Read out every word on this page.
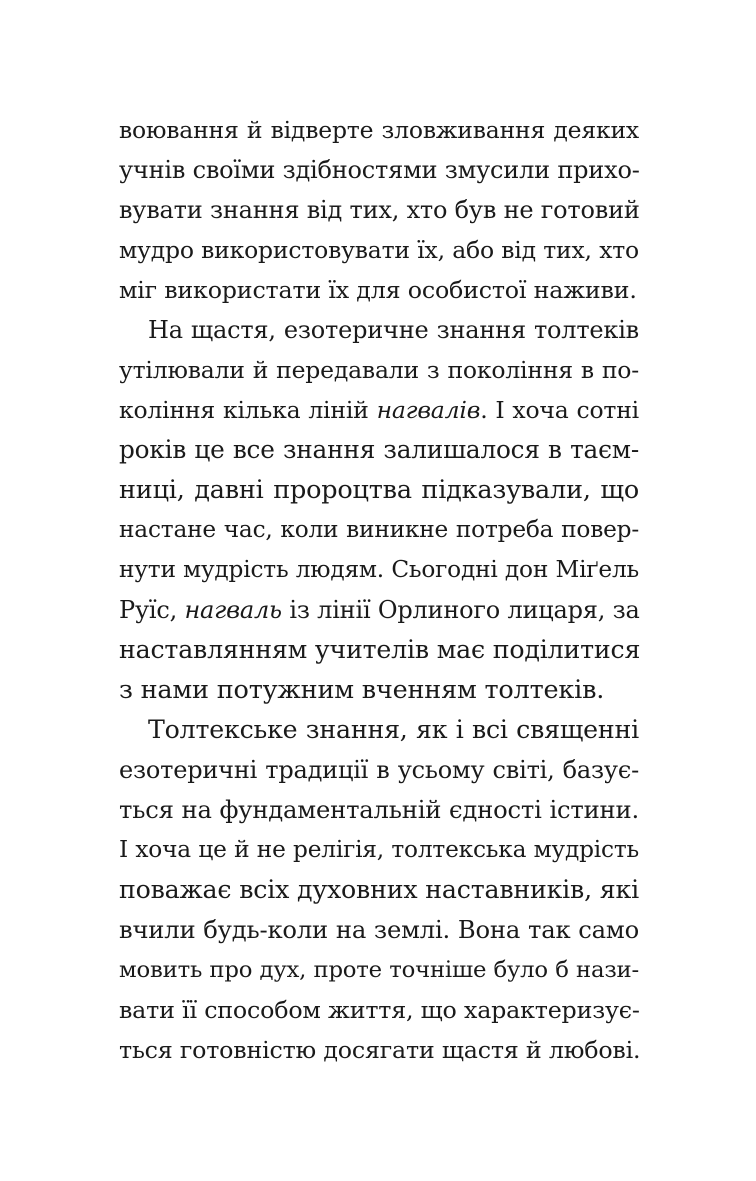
воювання й відверте зловживання деяких
учнів своїми здібностями змусили прихо-
вувати знання від тих, хто був не готовий
мудро використовувати їх, або від тих, хто
міг використати їх для особистої наживи.
На щастя, езотеричне знання толтеків
утілювали й передавали з покоління в по-
коління кілька ліній нагвалів. І хоча сотні
років це все знання залишалося в таєм-
ниці, давні пророцтва підказували, що
настане час, коли виникне потреба повер-
нути мудрість людям. Сьогодні дон Міґель
Руїс, нагваль із лінії Орлиного лицаря, за
наставлянням учителів має поділитися
з нами потужним вченням толтеків.
Толтекське знання, як і всі священні
езотеричні традиції в усьому світі, базує-
ться на фундаментальній єдності істини.
І хоча це й не релігія, толтекська мудрість
поважає всіх духовних наставників, які
вчили будь-коли на землі. Вона так само
мовить про дух, проте точніше було б нази-
вати її способом життя, що характеризує-
ться готовністю досягати щастя й любові.
